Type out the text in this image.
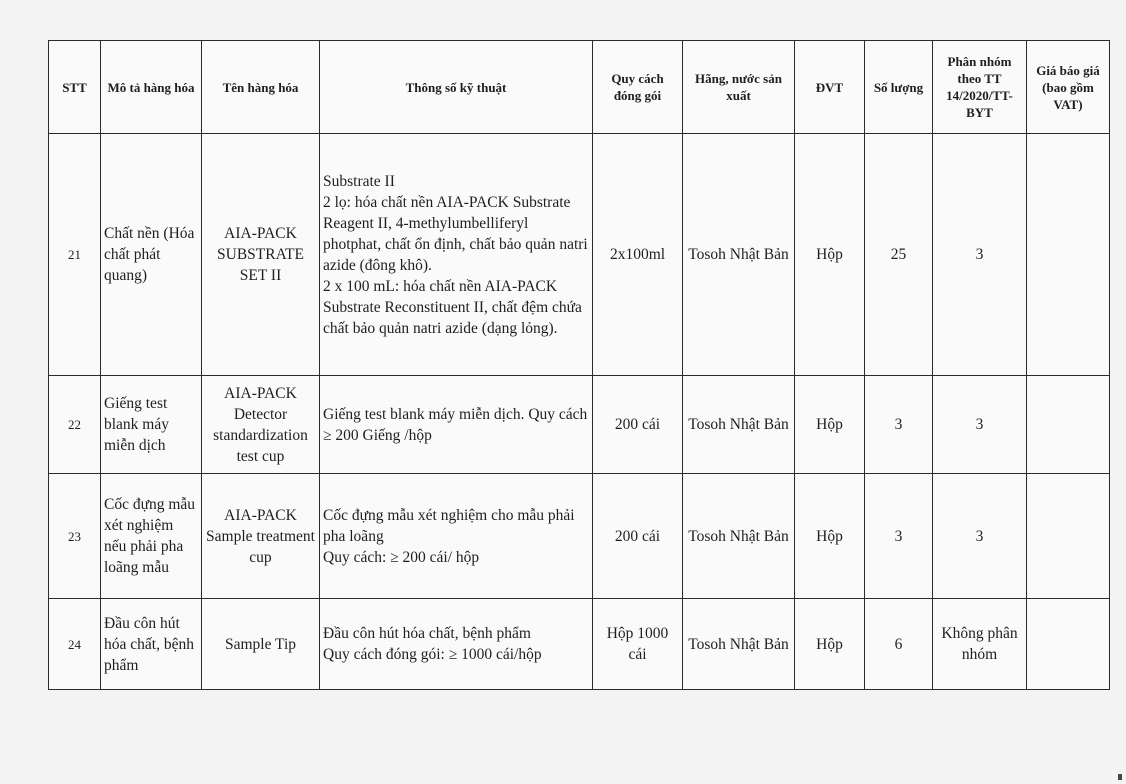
STT	Mô tả hàng hóa	Tên hàng hóa	Thông số kỹ thuật	Quy cách đóng gói	Hãng, nước sản xuất	ĐVT	Số lượng	Phân nhóm theo TT 14/2020/TT-BYT	Giá báo giá (bao gồm VAT)
21	Chất nền (Hóa chất phát quang)	AIA-PACK SUBSTRATE SET II	Substrate II
2 lọ: hóa chất nền AIA-PACK Substrate Reagent II, 4-methylumbelliferyl photphat, chất ổn định, chất bảo quản natri azide (đông khô).
2 x 100 mL: hóa chất nền AIA-PACK Substrate Reconstituent II, chất đệm chứa chất bảo quản natri azide (dạng lỏng).	2x100ml	Tosoh Nhật Bản	Hộp	25	3	
22	Giếng test blank máy miễn dịch	AIA-PACK Detector standardization test cup	Giếng test blank máy miễn dịch. Quy cách ≥ 200 Giếng /hộp	200 cái	Tosoh Nhật Bản	Hộp	3	3	
23	Cốc đựng mẫu xét nghiệm nếu phải pha loãng mẫu	AIA-PACK Sample treatment cup	Cốc đựng mẫu xét nghiệm cho mẫu phải pha loãng
Quy cách: ≥ 200 cái/ hộp	200 cái	Tosoh Nhật Bản	Hộp	3	3	
24	Đầu côn hút hóa chất, bệnh phẩm	Sample Tip	Đầu côn hút hóa chất, bệnh phẩm
Quy cách đóng gói: ≥ 1000 cái/hộp	Hộp 1000 cái	Tosoh Nhật Bản	Hộp	6	Không phân nhóm	
